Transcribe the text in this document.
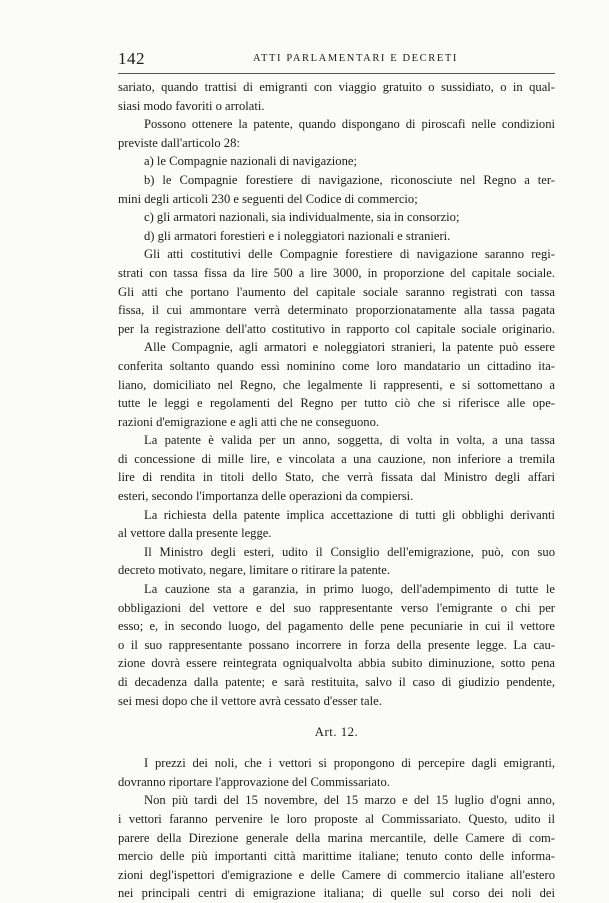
142	ATTI PARLAMENTARI E DECRETI
sariato, quando trattisi di emigranti con viaggio gratuito o sussidiato, o in qual-
siasi modo favoriti o arrolati.
Possono ottenere la patente, quando dispongano di piroscafi nelle condizioni
previste dall'articolo 28:
a) le Compagnie nazionali di navigazione;
b) le Compagnie forestiere di navigazione, riconosciute nel Regno a ter-
mini degli articoli 230 e seguenti del Codice di commercio;
c) gli armatori nazionali, sia individualmente, sia in consorzio;
d) gli armatori forestieri e i noleggiatori nazionali e stranieri.
Gli atti costitutivi delle Compagnie forestiere di navigazione saranno regi-
strati con tassa fissa da lire 500 a lire 3000, in proporzione del capitale sociale.
Gli atti che portano l'aumento del capitale sociale saranno registrati con tassa
fissa, il cui ammontare verrà determinato proporzionatamente alla tassa pagata
per la registrazione dell'atto costitutivo in rapporto col capitale sociale originario.
Alle Compagnie, agli armatori e noleggiatori stranieri, la patente può essere
conferita soltanto quando essi nominino come loro mandatario un cittadino ita-
liano, domiciliato nel Regno, che legalmente li rappresenti, e si sottomettano a
tutte le leggi e regolamenti del Regno per tutto ciò che si riferisce alle ope-
razioni d'emigrazione e agli atti che ne conseguono.
La patente è valida per un anno, soggetta, di volta in volta, a una tassa
di concessione di mille lire, e vincolata a una cauzione, non inferiore a tremila
lire di rendita in titoli dello Stato, che verrà fissata dal Ministro degli affari
esteri, secondo l'importanza delle operazioni da compiersi.
La richiesta della patente implica accettazione di tutti gli obblighi derivanti
al vettore dalla presente legge.
Il Ministro degli esteri, udito il Consiglio dell'emigrazione, può, con suo
decreto motivato, negare, limitare o ritirare la patente.
La cauzione sta a garanzia, in primo luogo, dell'adempimento di tutte le
obbligazioni del vettore e del suo rappresentante verso l'emigrante o chi per
esso; e, in secondo luogo, del pagamento delle pene pecuniarie in cui il vettore
o il suo rappresentante possano incorrere in forza della presente legge. La cau-
zione dovrà essere reintegrata ogniqualvolta abbia subito diminuzione, sotto pena
di decadenza dalla patente; e sarà restituita, salvo il caso di giudizio pendente,
sei mesi dopo che il vettore avrà cessato d'esser tale.
Art. 12.
I prezzi dei noli, che i vettori si propongono di percepire dagli emigranti,
dovranno riportare l'approvazione del Commissariato.
Non più tardi del 15 novembre, del 15 marzo e del 15 luglio d'ogni anno,
i vettori faranno pervenire le loro proposte al Commissariato. Questo, udito il
parere della Direzione generale della marina mercantile, delle Camere di com-
mercio delle più importanti città marittime italiane; tenuto conto delle informa-
zioni degl'ispettori d'emigrazione e delle Camere di commercio italiane all'estero
nei principali centri di emigrazione italiana; di quelle sul corso dei noli dei
